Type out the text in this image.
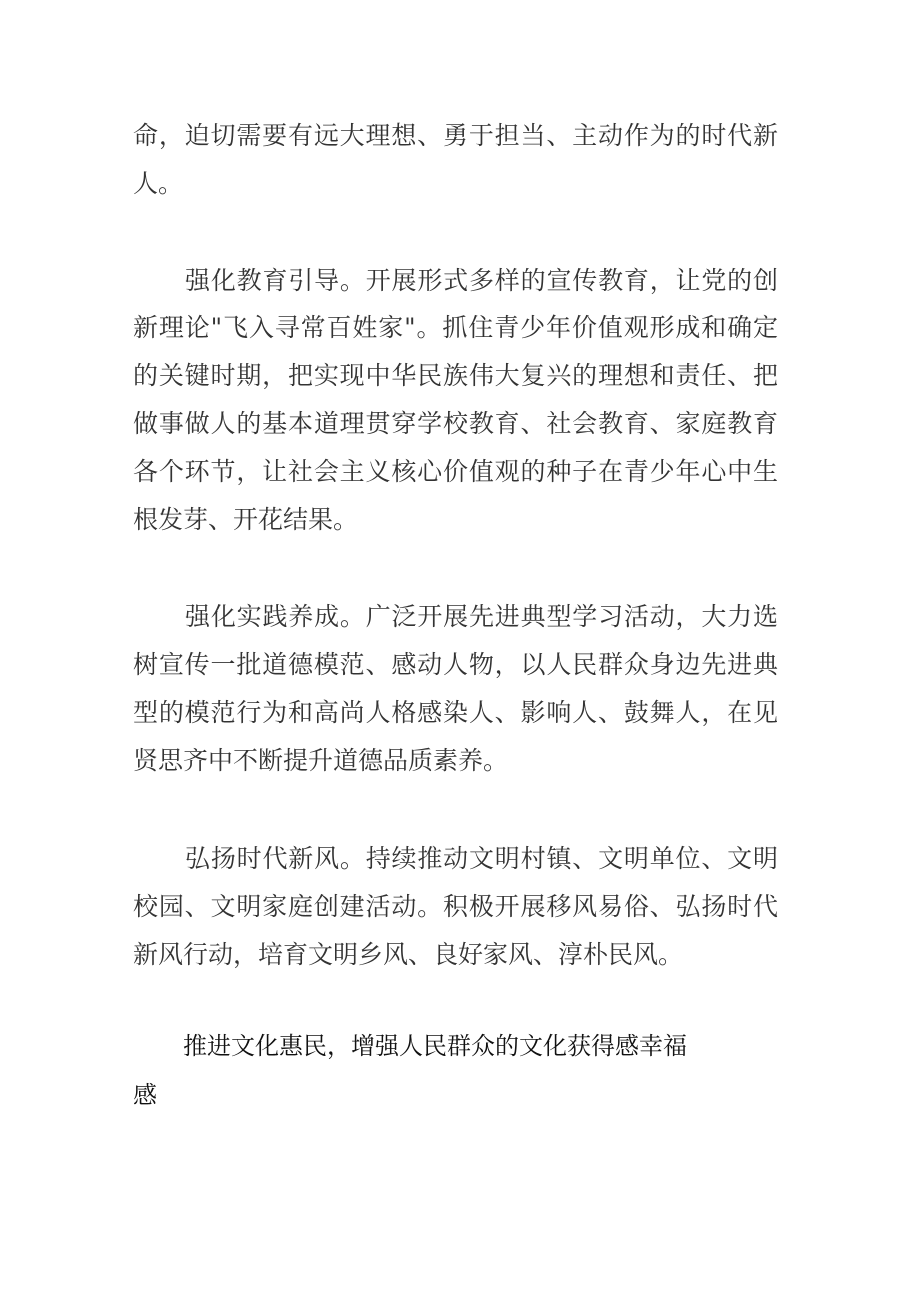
命，迫切需要有远大理想、勇于担当、主动作为的时代新
人。
强化教育引导。开展形式多样的宣传教育，让党的创
新理论"飞入寻常百姓家"。抓住青少年价值观形成和确定
的关键时期，把实现中华民族伟大复兴的理想和责任、把
做事做人的基本道理贯穿学校教育、社会教育、家庭教育
各个环节，让社会主义核心价值观的种子在青少年心中生
根发芽、开花结果。
强化实践养成。广泛开展先进典型学习活动，大力选
树宣传一批道德模范、感动人物，以人民群众身边先进典
型的模范行为和高尚人格感染人、影响人、鼓舞人，在见
贤思齐中不断提升道德品质素养。
弘扬时代新风。持续推动文明村镇、文明单位、文明
校园、文明家庭创建活动。积极开展移风易俗、弘扬时代
新风行动，培育文明乡风、良好家风、淳朴民风。
推进文化惠民，增强人民群众的文化获得感幸福
感
